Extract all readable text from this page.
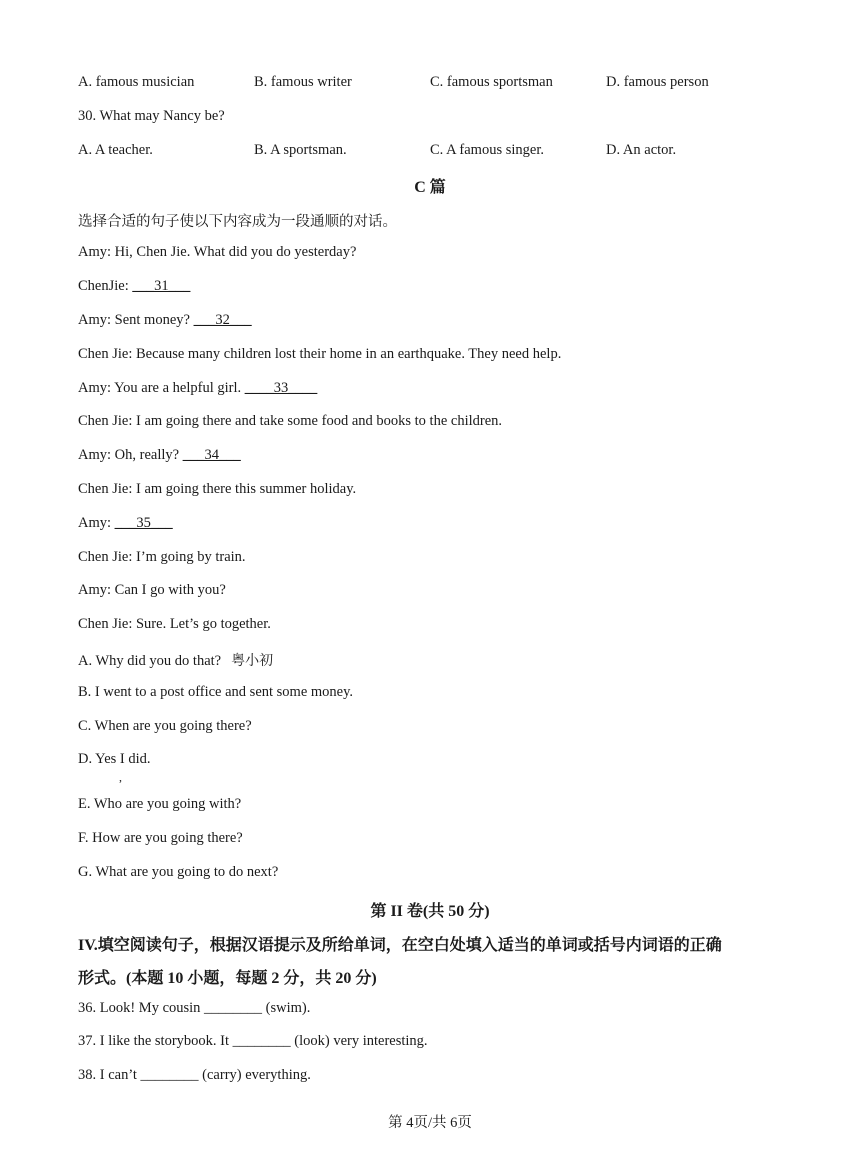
A. famous musician	B. famous writer	C. famous sportsman	D. famous person
30. What may Nancy be?
A. A teacher.	B. A sportsman.	C. A famous singer.	D. An actor.
C 篇
选择合适的句子使以下内容成为一段通顺的对话。
Amy: Hi, Chen Jie. What did you do yesterday?
ChenJie: ___31___
Amy: Sent money? ___32___
Chen Jie: Because many children lost their home in an earthquake. They need help.
Amy: You are a helpful girl. ____33____
Chen Jie: I am going there and take some food and books to the children.
Amy: Oh, really? ___34___
Chen Jie: I am going there this summer holiday.
Amy: ___35___
Chen Jie: I’m going by train.
Amy: Can I go with you?
Chen Jie: Sure. Let’s go together.
A. Why did you do that? 粤小初
B. I went to a post office and sent some money.
C. When are you going there?
D. Yes I did.
,
E. Who are you going with?
F. How are you going there?
G. What are you going to do next?
第 II 卷(共 50 分)
IV.填空阅读句子，根据汉语提示及所给单词，在空白处填入适当的单词或括号内词语的正确
形式。(本题 10 小题，每题 2 分，共 20 分)
36. Look! My cousin ________ (swim).
37. I like the storybook. It ________ (look) very interesting.
38. I can’t ________ (carry) everything.
第 4页/共 6页
